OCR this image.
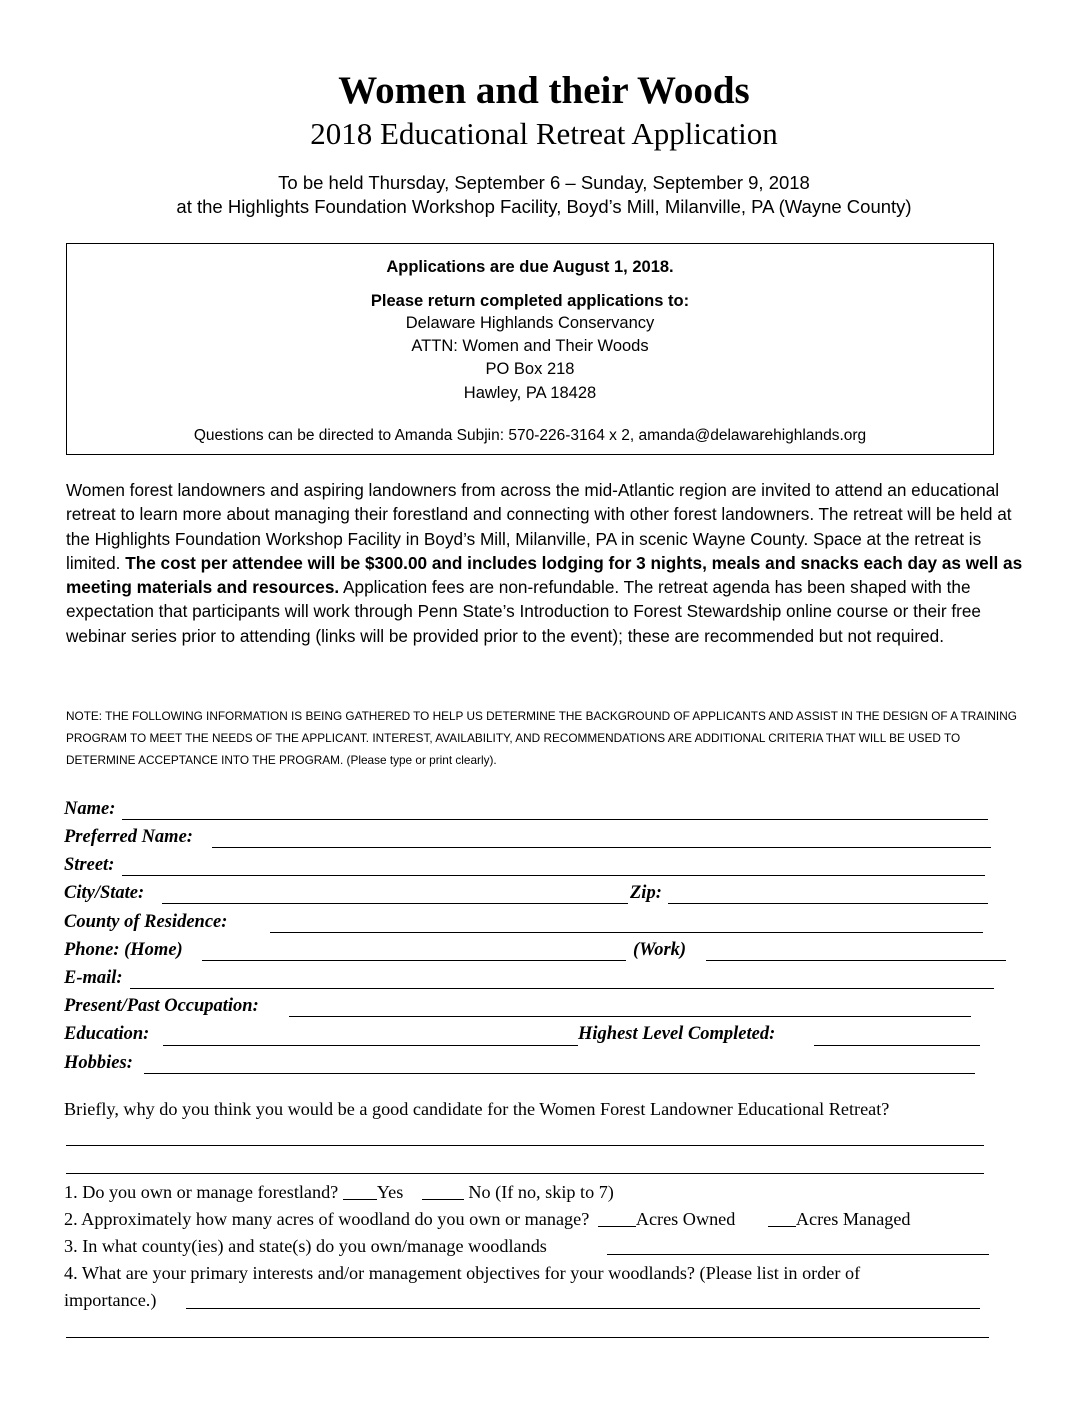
Women and their Woods
2018 Educational Retreat Application
To be held Thursday, September 6 – Sunday, September 9, 2018
at the Highlights Foundation Workshop Facility, Boyd’s Mill, Milanville, PA (Wayne County)
Applications are due August 1, 2018.
Please return completed applications to:
Delaware Highlands Conservancy
ATTN: Women and Their Woods
PO Box 218
Hawley, PA 18428
Questions can be directed to Amanda Subjin: 570-226-3164 x 2, amanda@delawarehighlands.org

Women forest landowners and aspiring landowners from across the mid-Atlantic region are invited to attend an educational retreat to learn more about managing their forestland and connecting with other forest landowners. The retreat will be held at the Highlights Foundation Workshop Facility in Boyd’s Mill, Milanville, PA in scenic Wayne County. Space at the retreat is limited. The cost per attendee will be $300.00 and includes lodging for 3 nights, meals and snacks each day as well as meeting materials and resources. Application fees are non-refundable. The retreat agenda has been shaped with the expectation that participants will work through Penn State’s Introduction to Forest Stewardship online course or their free webinar series prior to attending (links will be provided prior to the event); these are recommended but not required.

NOTE: THE FOLLOWING INFORMATION IS BEING GATHERED TO HELP US DETERMINE THE BACKGROUND OF APPLICANTS AND ASSIST IN THE DESIGN OF A TRAINING PROGRAM TO MEET THE NEEDS OF THE APPLICANT. INTEREST, AVAILABILITY, AND RECOMMENDATIONS ARE ADDITIONAL CRITERIA THAT WILL BE USED TO DETERMINE ACCEPTANCE INTO THE PROGRAM. (Please type or print clearly).

Name:
Preferred Name:
Street:
City/State:	Zip:
County of Residence:
Phone: (Home)	(Work)
E-mail:
Present/Past Occupation:
Education:	Highest Level Completed:
Hobbies:
Briefly, why do you think you would be a good candidate for the Women Forest Landowner Educational Retreat?
1. Do you own or manage forestland? Yes	No (If no, skip to 7)
2. Approximately how many acres of woodland do you own or manage?	Acres Owned	Acres Managed
3. In what county(ies) and state(s) do you own/manage woodlands
4. What are your primary interests and/or management objectives for your woodlands? (Please list in order of
importance.)
